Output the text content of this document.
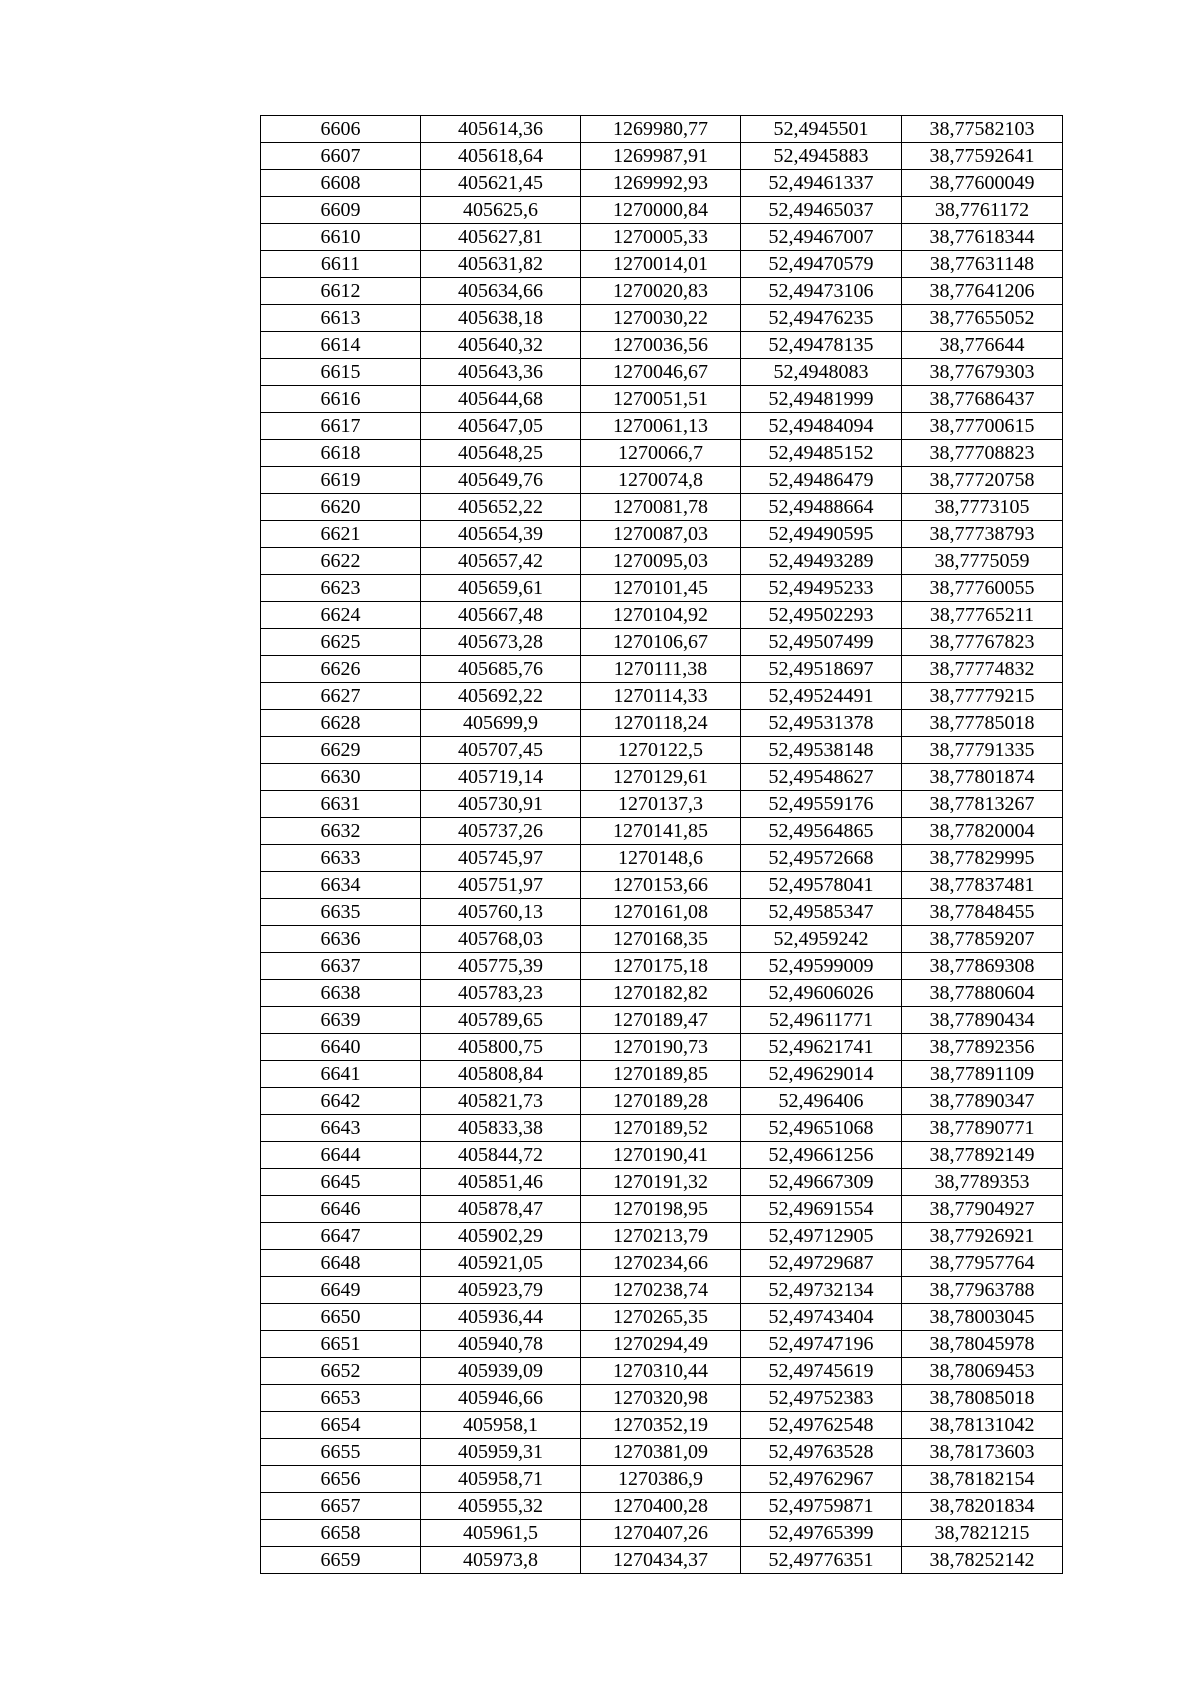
6606	405614,36	1269980,77	52,4945501	38,77582103
6607	405618,64	1269987,91	52,4945883	38,77592641
6608	405621,45	1269992,93	52,49461337	38,77600049
6609	405625,6	1270000,84	52,49465037	38,7761172
6610	405627,81	1270005,33	52,49467007	38,77618344
6611	405631,82	1270014,01	52,49470579	38,77631148
6612	405634,66	1270020,83	52,49473106	38,77641206
6613	405638,18	1270030,22	52,49476235	38,77655052
6614	405640,32	1270036,56	52,49478135	38,776644
6615	405643,36	1270046,67	52,4948083	38,77679303
6616	405644,68	1270051,51	52,49481999	38,77686437
6617	405647,05	1270061,13	52,49484094	38,77700615
6618	405648,25	1270066,7	52,49485152	38,77708823
6619	405649,76	1270074,8	52,49486479	38,77720758
6620	405652,22	1270081,78	52,49488664	38,7773105
6621	405654,39	1270087,03	52,49490595	38,77738793
6622	405657,42	1270095,03	52,49493289	38,7775059
6623	405659,61	1270101,45	52,49495233	38,77760055
6624	405667,48	1270104,92	52,49502293	38,77765211
6625	405673,28	1270106,67	52,49507499	38,77767823
6626	405685,76	1270111,38	52,49518697	38,77774832
6627	405692,22	1270114,33	52,49524491	38,77779215
6628	405699,9	1270118,24	52,49531378	38,77785018
6629	405707,45	1270122,5	52,49538148	38,77791335
6630	405719,14	1270129,61	52,49548627	38,77801874
6631	405730,91	1270137,3	52,49559176	38,77813267
6632	405737,26	1270141,85	52,49564865	38,77820004
6633	405745,97	1270148,6	52,49572668	38,77829995
6634	405751,97	1270153,66	52,49578041	38,77837481
6635	405760,13	1270161,08	52,49585347	38,77848455
6636	405768,03	1270168,35	52,4959242	38,77859207
6637	405775,39	1270175,18	52,49599009	38,77869308
6638	405783,23	1270182,82	52,49606026	38,77880604
6639	405789,65	1270189,47	52,49611771	38,77890434
6640	405800,75	1270190,73	52,49621741	38,77892356
6641	405808,84	1270189,85	52,49629014	38,77891109
6642	405821,73	1270189,28	52,496406	38,77890347
6643	405833,38	1270189,52	52,49651068	38,77890771
6644	405844,72	1270190,41	52,49661256	38,77892149
6645	405851,46	1270191,32	52,49667309	38,7789353
6646	405878,47	1270198,95	52,49691554	38,77904927
6647	405902,29	1270213,79	52,49712905	38,77926921
6648	405921,05	1270234,66	52,49729687	38,77957764
6649	405923,79	1270238,74	52,49732134	38,77963788
6650	405936,44	1270265,35	52,49743404	38,78003045
6651	405940,78	1270294,49	52,49747196	38,78045978
6652	405939,09	1270310,44	52,49745619	38,78069453
6653	405946,66	1270320,98	52,49752383	38,78085018
6654	405958,1	1270352,19	52,49762548	38,78131042
6655	405959,31	1270381,09	52,49763528	38,78173603
6656	405958,71	1270386,9	52,49762967	38,78182154
6657	405955,32	1270400,28	52,49759871	38,78201834
6658	405961,5	1270407,26	52,49765399	38,7821215
6659	405973,8	1270434,37	52,49776351	38,78252142
